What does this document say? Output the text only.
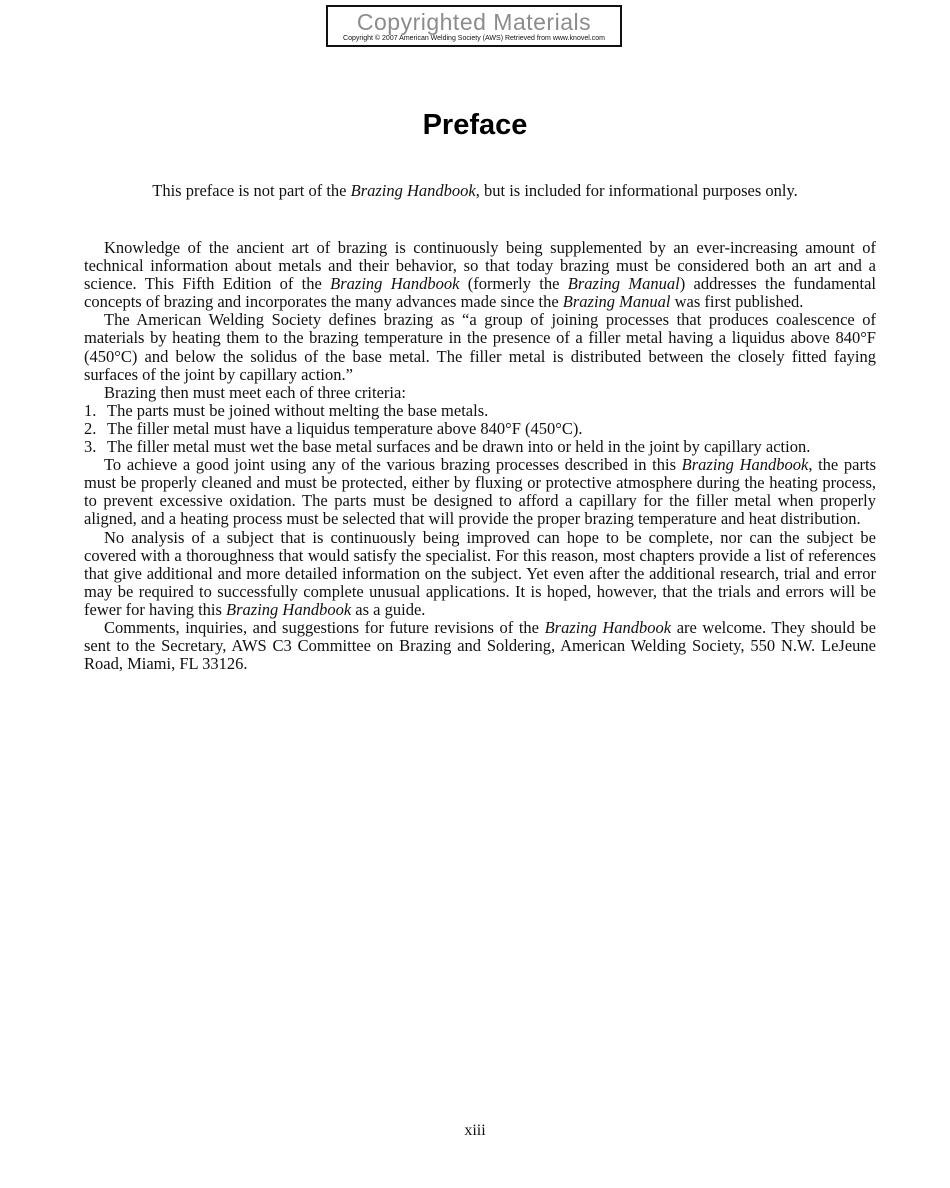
Copyrighted Materials
Copyright © 2007 American Welding Society (AWS) Retrieved from www.knovel.com
Preface

This preface is not part of the Brazing Handbook, but is included for informational purposes only.

Knowledge of the ancient art of brazing is continuously being supplemented by an ever-increasing amount of technical information about metals and their behavior, so that today brazing must be considered both an art and a science. This Fifth Edition of the Brazing Handbook (formerly the Brazing Manual) addresses the fundamental concepts of brazing and incorporates the many advances made since the Brazing Manual was first published.

The American Welding Society defines brazing as “a group of joining processes that produces coalescence of materials by heating them to the brazing temperature in the presence of a filler metal having a liquidus above 840°F (450°C) and below the solidus of the base metal. The filler metal is distributed between the closely fitted faying surfaces of the joint by capillary action.”

Brazing then must meet each of three criteria:

1. The parts must be joined without melting the base metals.

2. The filler metal must have a liquidus temperature above 840°F (450°C).

3. The filler metal must wet the base metal surfaces and be drawn into or held in the joint by capillary action.

To achieve a good joint using any of the various brazing processes described in this Brazing Handbook, the parts must be properly cleaned and must be protected, either by fluxing or protective atmosphere during the heating process, to prevent excessive oxidation. The parts must be designed to afford a capillary for the filler metal when properly aligned, and a heating process must be selected that will provide the proper brazing temperature and heat distribution.

No analysis of a subject that is continuously being improved can hope to be complete, nor can the subject be covered with a thoroughness that would satisfy the specialist. For this reason, most chapters provide a list of references that give additional and more detailed information on the subject. Yet even after the additional research, trial and error may be required to successfully complete unusual applications. It is hoped, however, that the trials and errors will be fewer for having this Brazing Handbook as a guide.

Comments, inquiries, and suggestions for future revisions of the Brazing Handbook are welcome. They should be sent to the Secretary, AWS C3 Committee on Brazing and Soldering, American Welding Society, 550 N.W. LeJeune Road, Miami, FL 33126.

xiii
